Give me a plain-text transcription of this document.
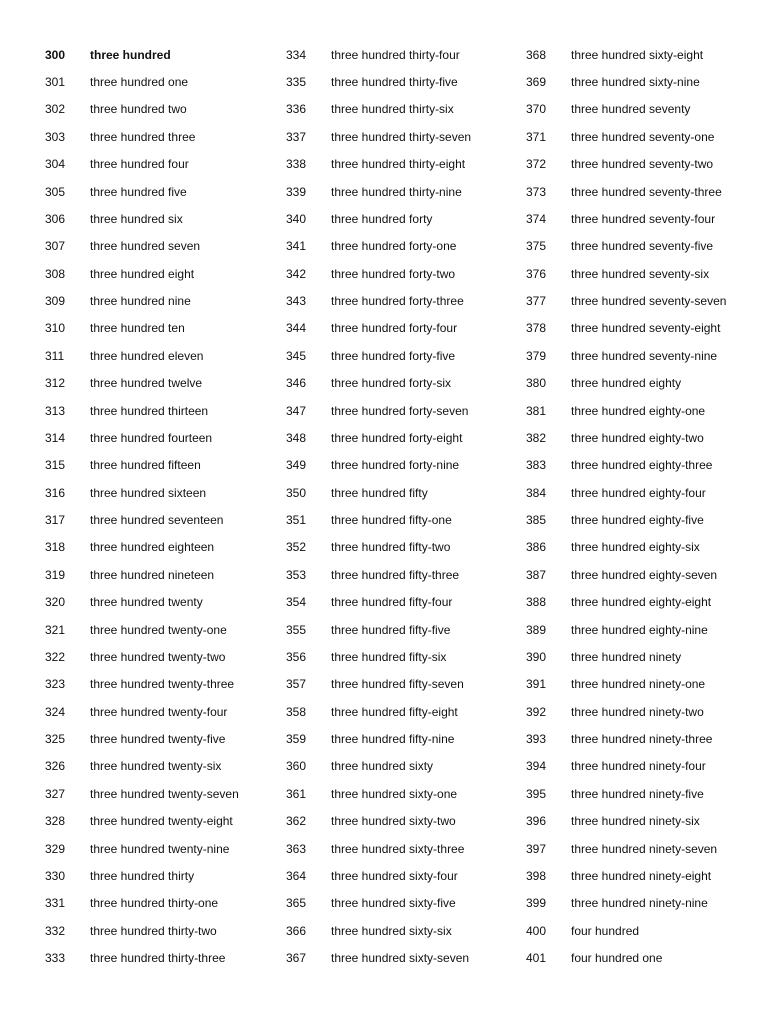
300	three hundred
301	three hundred one
302	three hundred two
303	three hundred three
304	three hundred four
305	three hundred five
306	three hundred six
307	three hundred seven
308	three hundred eight
309	three hundred nine
310	three hundred ten
311	three hundred eleven
312	three hundred twelve
313	three hundred thirteen
314	three hundred fourteen
315	three hundred fifteen
316	three hundred sixteen
317	three hundred seventeen
318	three hundred eighteen
319	three hundred nineteen
320	three hundred twenty
321	three hundred twenty-one
322	three hundred twenty-two
323	three hundred twenty-three
324	three hundred twenty-four
325	three hundred twenty-five
326	three hundred twenty-six
327	three hundred twenty-seven
328	three hundred twenty-eight
329	three hundred twenty-nine
330	three hundred thirty
331	three hundred thirty-one
332	three hundred thirty-two
333	three hundred thirty-three
334	three hundred thirty-four
335	three hundred thirty-five
336	three hundred thirty-six
337	three hundred thirty-seven
338	three hundred thirty-eight
339	three hundred thirty-nine
340	three hundred forty
341	three hundred forty-one
342	three hundred forty-two
343	three hundred forty-three
344	three hundred forty-four
345	three hundred forty-five
346	three hundred forty-six
347	three hundred forty-seven
348	three hundred forty-eight
349	three hundred forty-nine
350	three hundred fifty
351	three hundred fifty-one
352	three hundred fifty-two
353	three hundred fifty-three
354	three hundred fifty-four
355	three hundred fifty-five
356	three hundred fifty-six
357	three hundred fifty-seven
358	three hundred fifty-eight
359	three hundred fifty-nine
360	three hundred sixty
361	three hundred sixty-one
362	three hundred sixty-two
363	three hundred sixty-three
364	three hundred sixty-four
365	three hundred sixty-five
366	three hundred sixty-six
367	three hundred sixty-seven
368	three hundred sixty-eight
369	three hundred sixty-nine
370	three hundred seventy
371	three hundred seventy-one
372	three hundred seventy-two
373	three hundred seventy-three
374	three hundred seventy-four
375	three hundred seventy-five
376	three hundred seventy-six
377	three hundred seventy-seven
378	three hundred seventy-eight
379	three hundred seventy-nine
380	three hundred eighty
381	three hundred eighty-one
382	three hundred eighty-two
383	three hundred eighty-three
384	three hundred eighty-four
385	three hundred eighty-five
386	three hundred eighty-six
387	three hundred eighty-seven
388	three hundred eighty-eight
389	three hundred eighty-nine
390	three hundred ninety
391	three hundred ninety-one
392	three hundred ninety-two
393	three hundred ninety-three
394	three hundred ninety-four
395	three hundred ninety-five
396	three hundred ninety-six
397	three hundred ninety-seven
398	three hundred ninety-eight
399	three hundred ninety-nine
400	four hundred
401	four hundred one
